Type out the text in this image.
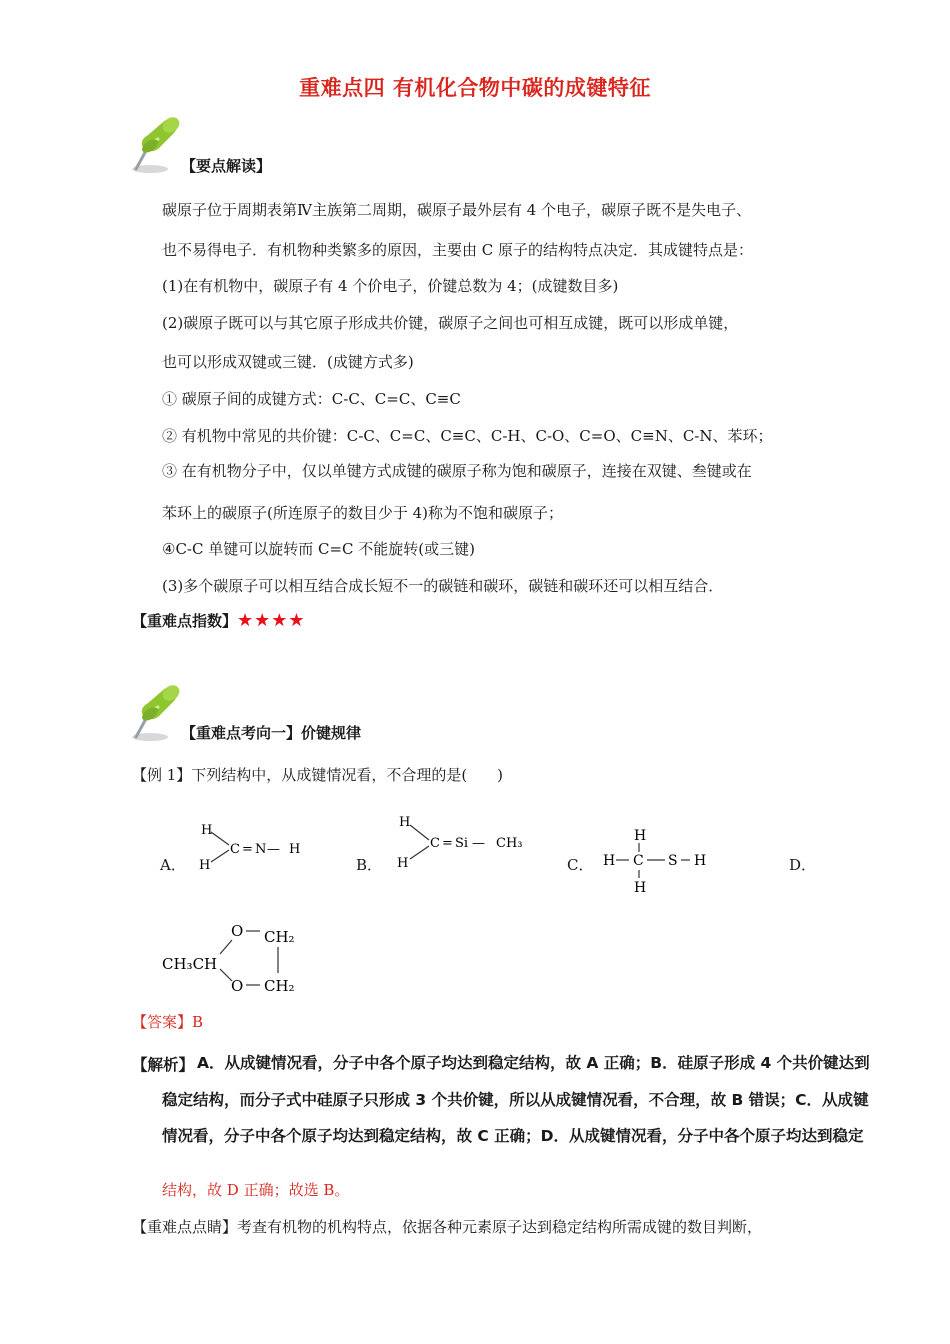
重难点四 有机化合物中碳的成键特征
【要点解读】
碳原子位于周期表第Ⅳ主族第二周期，碳原子最外层有 4 个电子，碳原子既不是失电子、
也不易得电子．有机物种类繁多的原因，主要由 C 原子的结构特点决定．其成键特点是：
(1)在有机物中，碳原子有 4 个价电子，价键总数为 4；(成键数目多)
(2)碳原子既可以与其它原子形成共价键，碳原子之间也可相互成键，既可以形成单键，
也可以形成双键或三键．(成键方式多)
① 碳原子间的成键方式：C-C、C=C、C≡C
② 有机物中常见的共价键：C-C、C=C、C≡C、C-H、C-O、C=O、C≡N、C-N、苯环；
③ 在有机物分子中，仅以单键方式成键的碳原子称为饱和碳原子，连接在双键、叁键或在
苯环上的碳原子(所连原子的数目少于 4)称为不饱和碳原子；
④C-C 单键可以旋转而 C=C 不能旋转(或三键)
(3)多个碳原子可以相互结合成长短不一的碳链和碳环，碳链和碳环还可以相互结合．
【重难点指数】★★★★
【重难点考向一】价键规律
【例 1】下列结构中，从成键情况看，不合理的是(　　)
A．	B．	C．	D．
H
H
C = N — H
H
H
C = Si — CH₃	H
H C S H
H
O CH₂
CH₃CH
O CH₂
【答案】B
【解析】 A．从成键情况看，分子中各个原子均达到稳定结构，故 A 正确；B．硅原子形成 4 个共价键达到
稳定结构，而分子式中硅原子只形成 3 个共价键，所以从成键情况看，不合理，故 B 错误；C．从成键
情况看，分子中各个原子均达到稳定结构，故 C 正确；D．从成键情况看，分子中各个原子均达到稳定
结构，故 D 正确；故选 B。
【重难点点睛】考查有机物的机构特点，依据各种元素原子达到稳定结构所需成键的数目判断，
